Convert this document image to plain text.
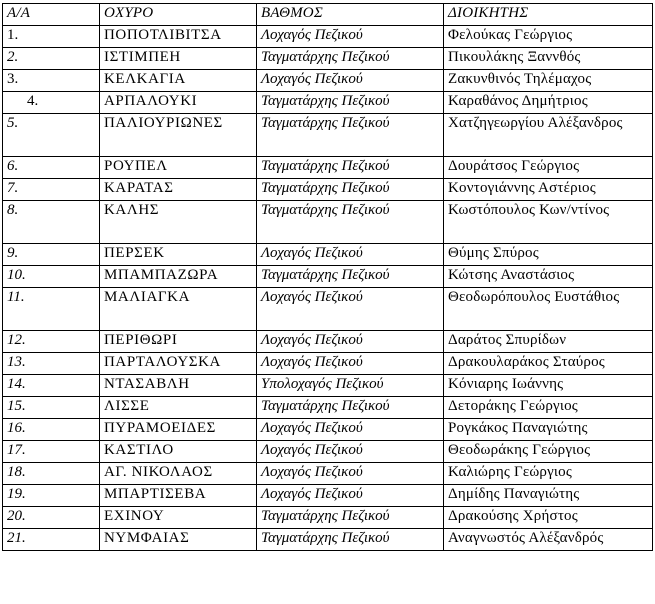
Α/Α	ΟΧΥΡΟ	ΒΑΘΜΟΣ	ΔΙΟΙΚΗΤΗΣ
1.	ΠΟΠΟΤΛΙΒΙΤΣΑ	Λοχαγός Πεζικού	Φελούκας Γεώργιος
2.	ΙΣΤΙΜΠΕΗ	Ταγματάρχης Πεζικού	Πικουλάκης Ξαννθός
3.	ΚΕΛΚΑΓΙΑ	Λοχαγός Πεζικού	Ζακυνθινός Τηλέμαχος
4.	ΑΡΠΑΛΟΥΚΙ	Ταγματάρχης Πεζικού	Καραθάνος Δημήτριος
5.	ΠΑΛΙΟΥΡΙΩΝΕΣ	Ταγματάρχης Πεζικού	Χατζηγεωργίου Αλέξανδρος
6.	ΡΟΥΠΕΛ	Ταγματάρχης Πεζικού	Δουράτσος Γεώργιος
7.	ΚΑΡΑΤΑΣ	Ταγματάρχης Πεζικού	Κοντογιάννης Αστέριος
8.	ΚΑΛΗΣ	Ταγματάρχης Πεζικού	Κωστόπουλος Κων/ντίνος
9.	ΠΕΡΣΕΚ	Λοχαγός Πεζικού	Θύμης Σπύρος
10.	ΜΠΑΜΠΑΖΩΡΑ	Ταγματάρχης Πεζικού	Κώτσης Αναστάσιος
11.	ΜΑΛΙΑΓΚΑ	Λοχαγός Πεζικού	Θεοδωρόπουλος Ευστάθιος
12.	ΠΕΡΙΘΩΡΙ	Λοχαγός Πεζικού	Δαράτος Σπυρίδων
13.	ΠΑΡΤΑΛΟΥΣΚΑ	Λοχαγός Πεζικού	Δρακουλαράκος Σταύρος
14.	ΝΤΑΣΑΒΛΗ	Υπολοχαγός Πεζικού	Κόνιαρης Ιωάννης
15.	ΛΙΣΣΕ	Ταγματάρχης Πεζικού	Δετοράκης Γεώργιος
16.	ΠΥΡΑΜΟΕΙΔΕΣ	Λοχαγός Πεζικού	Ρογκάκος Παναγιώτης
17.	ΚΑΣΤΙΛΟ	Λοχαγός Πεζικού	Θεοδωράκης Γεώργιος
18.	ΑΓ. ΝΙΚΟΛΑΟΣ	Λοχαγός Πεζικού	Καλιώρης Γεώργιος
19.	ΜΠΑΡΤΙΣΕΒΑ	Λοχαγός Πεζικού	Δημίδης Παναγιώτης
20.	ΕΧΙΝΟΥ	Ταγματάρχης Πεζικού	Δρακούσης Χρήστος
21.	ΝΥΜΦΑΙΑΣ	Ταγματάρχης Πεζικού	Αναγνωστός Αλέξανδρός
